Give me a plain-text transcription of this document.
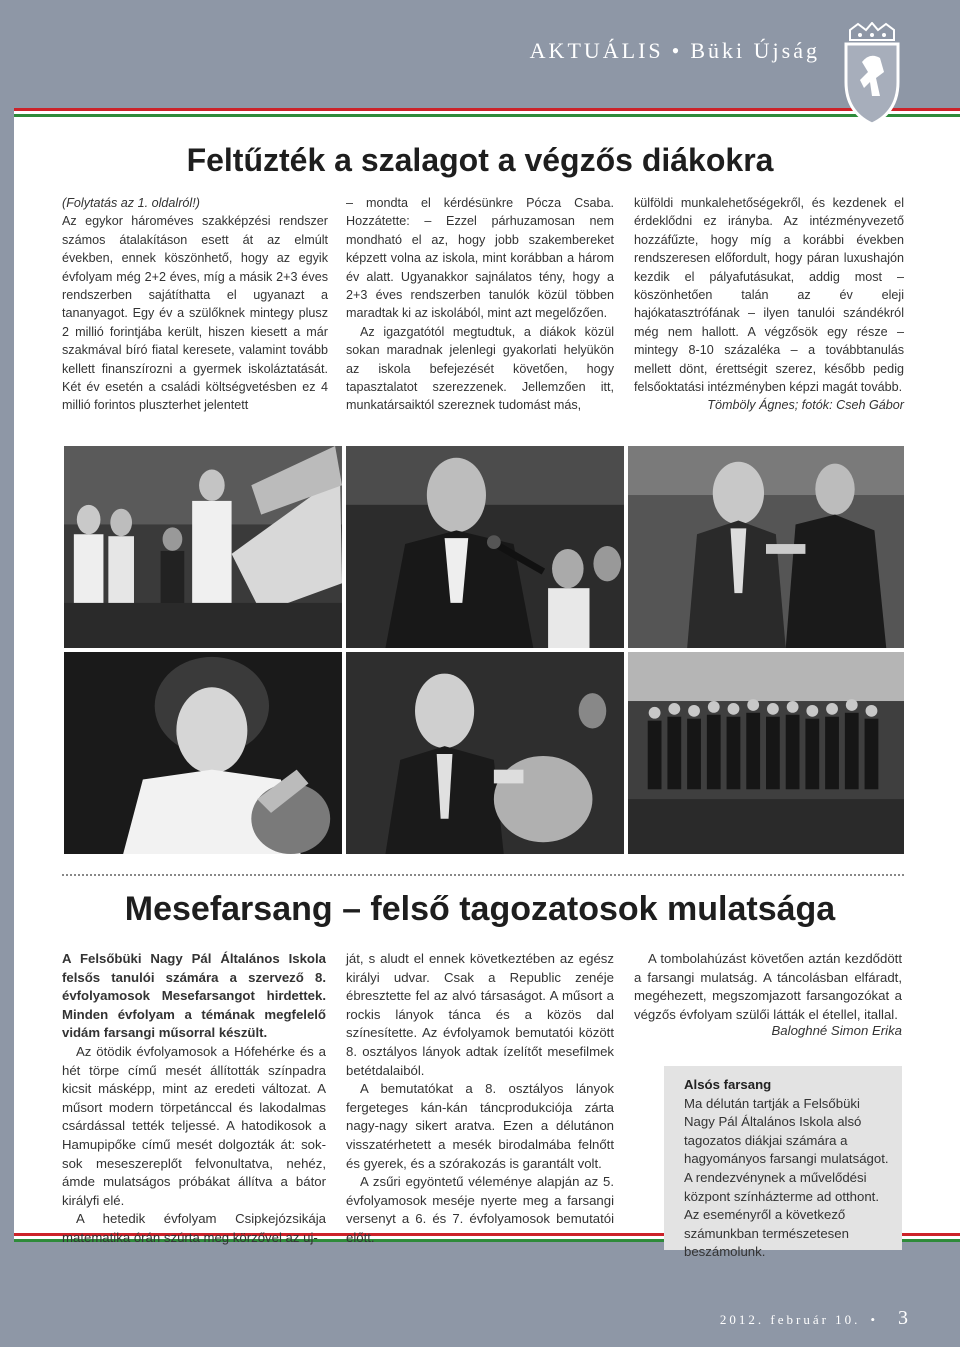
AKTUÁLIS • Büki Újság
Feltűzték a szalagot a végzős diákokra

(Folytatás az 1. oldalról!)

Az egykor hároméves szakképzési rendszer számos átalakításon esett át az elmúlt években, ennek köszönhető, hogy az egyik évfolyam még 2+2 éves, míg a másik 2+3 éves rendszerben sajátíthatta el ugyanazt a tananyagot. Egy év a szülőknek mintegy plusz 2 millió forintjába került, hiszen kiesett a már szakmával bíró fiatal keresete, valamint tovább kellett finanszírozni a gyermek iskoláztatását. Két év esetén a családi költségvetésben ez 4 millió forintos pluszterhet jelentett

– mondta el kérdésünkre Pócza Csaba. Hozzátette: – Ezzel párhuzamosan nem mondható el az, hogy jobb szakembereket képzett volna az iskola, mint korábban a három év alatt. Ugyanakkor sajnálatos tény, hogy a 2+3 éves rendszerben tanulók közül többen maradtak ki az iskolából, mint azt megelőzően.

Az igazgatótól megtudtuk, a diákok közül sokan maradnak jelenlegi gyakorlati helyükön az iskola befejezését követően, hogy tapasztalatot szerezzenek. Jellemzően itt, munkatársaiktól szereznek tudomást más,

külföldi munkalehetőségekről, és kezdenek el érdeklődni ez irányba. Az intézményvezető hozzáfűzte, hogy míg a korábbi években rendszeresen előfordult, hogy páran luxushajón kezdik el pályafutásukat, addig most – köszönhetően talán az év eleji hajókatasztrófának – ilyen tanulói szándékról még nem hallott. A végzősök egy része – mintegy 8-10 százaléka – a továbbtanulás mellett dönt, érettségit szerez, később pedig felsőoktatási intézményben képzi magát tovább.

Tömböly Ágnes; fotók: Cseh Gábor

Mesefarsang – felső tagozatosok mulatsága

A Felsőbüki Nagy Pál Általános Iskola felsős tanulói számára a szervező 8. évfolyamosok Mesefarsangot hirdettek. Minden évfolyam a témának megfelelő vidám farsangi műsorral készült.

Az ötödik évfolyamosok a Hófehérke és a hét törpe című mesét állították színpadra kicsit másképp, mint az eredeti változat. A műsort modern törpetánccal és lakodalmas csárdással tették teljessé. A hatodikosok a Hamupipőke című mesét dolgozták át: sok-sok meseszereplőt felvonultatva, nehéz, ámde mulatságos próbákat állítva a bátor királyfi elé.

A hetedik évfolyam Csipkejózsikája matematika órán szúrta meg körzővel az uj-

ját, s aludt el ennek következtében az egész királyi udvar. Csak a Republic zenéje ébresztette fel az alvó társaságot. A műsort a rockis lányok tánca és a közös dal színesítette. Az évfolyamok bemutatói között 8. osztályos lányok adtak ízelítőt mesefilmek betétdalaiból.

A bemutatókat a 8. osztályos lányok fergeteges kán-kán táncprodukciója zárta nagy-nagy sikert aratva. Ezen a délutánon visszatérhetett a mesék birodalmába felnőtt és gyerek, és a szórakozás is garantált volt.

A zsűri egyöntetű véleménye alapján az 5. évfolyamosok meséje nyerte meg a farsangi versenyt a 6. és 7. évfolyamosok bemutatói előtt.

A tombolahúzást követően aztán kezdődött a farsangi mulatság. A táncolásban elfáradt, megéhezett, megszomjazott farsangozókat a végzős évfolyam szülői látták el étellel, itallal.

Baloghné Simon Erika

Alsós farsang
Ma délután tartják a Felsőbüki Nagy Pál Általános Iskola alsó tagozatos diákjai számára a hagyományos farsangi mulatságot. A rendezvénynek a művelődési központ színházterme ad otthont. Az eseményről a következő számunkban természetesen beszámolunk.
2012. február 10. • 3
